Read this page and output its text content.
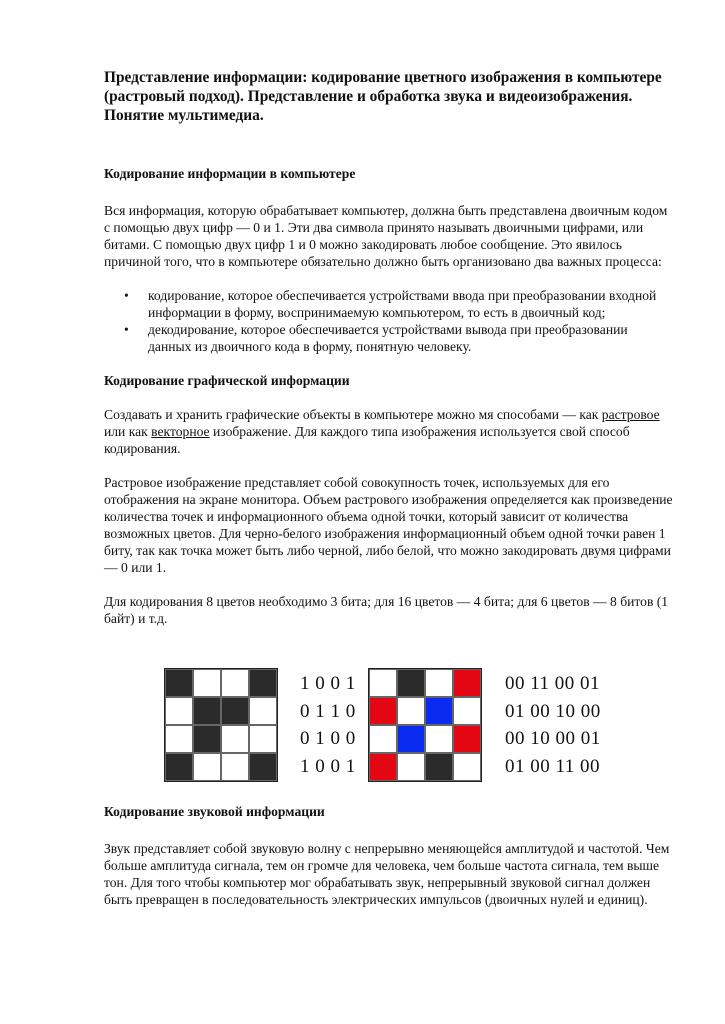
Представление информации: кодирование цветного изображения в компьютере (растровый подход). Представление и обработка звука и видеоизображения. Понятие мультимедиа.
Кодирование информации в компьютере

Вся информация, которую обрабатывает компьютер, должна быть представлена двоичным кодом с помощью двух цифр — 0 и 1. Эти два символа принято называть двоичными цифрами, или битами. С помощью двух цифр 1 и 0 можно закодировать любое сообщение. Это явилось причиной того, что в компьютере обязательно должно быть организовано два важных процесса:

• кодирование, которое обеспечивается устройствами ввода при преобразовании входной информации в форму, воспринимаемую компьютером, то есть в двоичный код;
• декодирование, которое обеспечивается устройствами вывода при преобразовании данных из двоичного кода в форму, понятную человеку.
Кодирование графической информации

Создавать и хранить графические объекты в компьютере можно мя способами — как растровое или как векторное изображение. Для каждого типа изображения используется свой способ кодирования.

Растровое изображение представляет собой совокупность точек, используемых для его отображения на экране монитора. Объем растрового изображения определяется как произведение количества точек и информационного объема одной точки, который зависит от количества возможных цветов. Для черно-белого изображения информационный объем одной точки равен 1 биту, так как точка может быть либо черной, либо белой, что можно закодировать двумя цифрами — 0 или 1.

Для кодирования 8 цветов необходимо 3 бита; для 16 цветов — 4 бита; для 6 цветов — 8 битов (1 байт) и т.д.

1 0 0 1
0 1 1 0
0 1 0 0
1 0 0 1
00 11 00 01
01 00 10 00
00 10 00 01
01 00 11 00
Кодирование звуковой информации

Звук представляет собой звуковую волну с непрерывно меняющейся амплитудой и частотой. Чем больше амплитуда сигнала, тем он громче для человека, чем больше частота сигнала, тем выше тон. Для того чтобы компьютер мог обрабатывать звук, непрерывный звуковой сигнал должен быть превращен в последовательность электрических импульсов (двоичных нулей и единиц).
